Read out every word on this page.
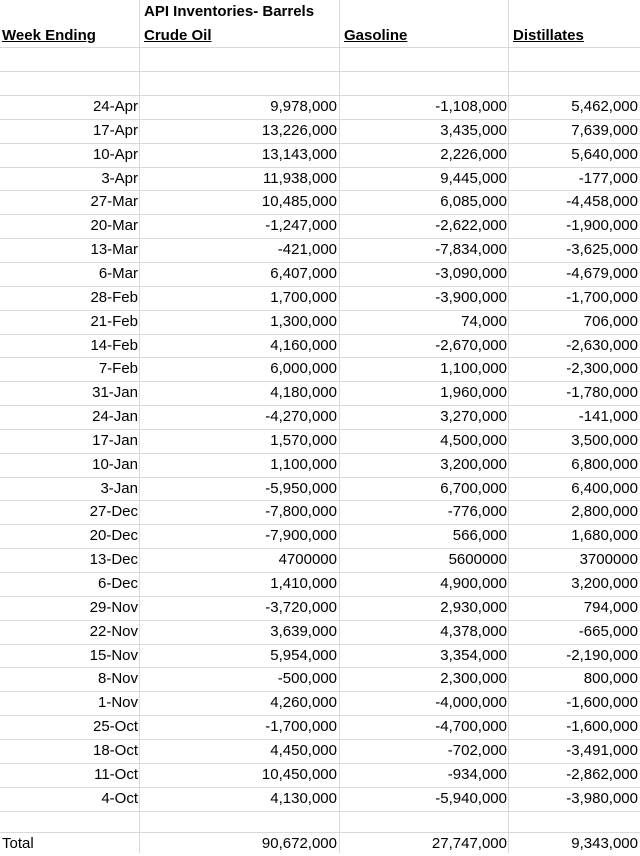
API Inventories- Barrels
Week Ending	Crude Oil	Gasoline	Distillates
24-Apr	9,978,000	-1,108,000	5,462,000
17-Apr	13,226,000	3,435,000	7,639,000
10-Apr	13,143,000	2,226,000	5,640,000
3-Apr	11,938,000	9,445,000	-177,000
27-Mar	10,485,000	6,085,000	-4,458,000
20-Mar	-1,247,000	-2,622,000	-1,900,000
13-Mar	-421,000	-7,834,000	-3,625,000
6-Mar	6,407,000	-3,090,000	-4,679,000
28-Feb	1,700,000	-3,900,000	-1,700,000
21-Feb	1,300,000	74,000	706,000
14-Feb	4,160,000	-2,670,000	-2,630,000
7-Feb	6,000,000	1,100,000	-2,300,000
31-Jan	4,180,000	1,960,000	-1,780,000
24-Jan	-4,270,000	3,270,000	-141,000
17-Jan	1,570,000	4,500,000	3,500,000
10-Jan	1,100,000	3,200,000	6,800,000
3-Jan	-5,950,000	6,700,000	6,400,000
27-Dec	-7,800,000	-776,000	2,800,000
20-Dec	-7,900,000	566,000	1,680,000
13-Dec	4700000	5600000	3700000
6-Dec	1,410,000	4,900,000	3,200,000
29-Nov	-3,720,000	2,930,000	794,000
22-Nov	3,639,000	4,378,000	-665,000
15-Nov	5,954,000	3,354,000	-2,190,000
8-Nov	-500,000	2,300,000	800,000
1-Nov	4,260,000	-4,000,000	-1,600,000
25-Oct	-1,700,000	-4,700,000	-1,600,000
18-Oct	4,450,000	-702,000	-3,491,000
11-Oct	10,450,000	-934,000	-2,862,000
4-Oct	4,130,000	-5,940,000	-3,980,000
Total	90,672,000	27,747,000	9,343,000
